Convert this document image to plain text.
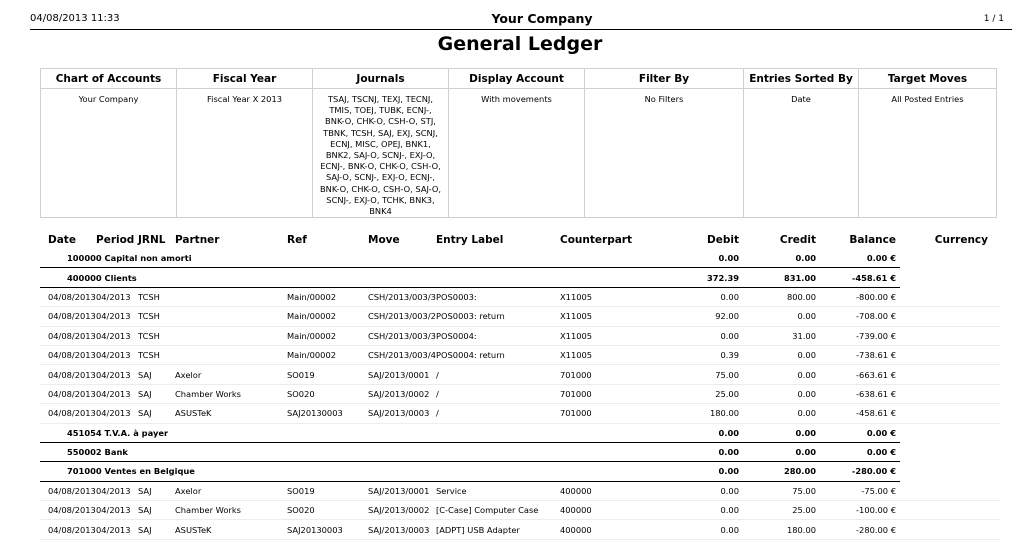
04/08/2013 11:33	Your Company	1 / 1
General Ledger
Chart of Accounts	Fiscal Year	Journals	Display Account	Filter By	Entries Sorted By	Target Moves
Your Company	Fiscal Year X 2013	TSAJ, TSCNJ, TEXJ, TECNJ, TMIS, TOEJ, TUBK, ECNJ-, BNK-O, CHK-O, CSH-O, STJ, TBNK, TCSH, SAJ, EXJ, SCNJ, ECNJ, MISC, OPEJ, BNK1, BNK2, SAJ-O, SCNJ-, EXJ-O, ECNJ-, BNK-O, CHK-O, CSH-O, SAJ-O, SCNJ-, EXJ-O, ECNJ-, BNK-O, CHK-O, CSH-O, SAJ-O, SCNJ-, EXJ-O, TCHK, BNK3, BNK4	With movements	No Filters	Date	All Posted Entries
Date	Period	JRNL	Partner	Ref	Move	Entry Label	Counterpart	Debit	Credit	Balance	Currency
100000 Capital non amorti								0.00	0.00	0.00 €	
400000 Clients								372.39	831.00	-458.61 €	
04/08/2013	04/2013	TCSH		Main/00002	CSH/2013/003/3	POS0003:	X11005	0.00	800.00	-800.00 €	
04/08/2013	04/2013	TCSH		Main/00002	CSH/2013/003/2	POS0003: return	X11005	92.00	0.00	-708.00 €	
04/08/2013	04/2013	TCSH		Main/00002	CSH/2013/003/3	POS0004:	X11005	0.00	31.00	-739.00 €	
04/08/2013	04/2013	TCSH		Main/00002	CSH/2013/003/4	POS0004: return	X11005	0.39	0.00	-738.61 €	
04/08/2013	04/2013	SAJ	Axelor	SO019	SAJ/2013/0001	/	701000	75.00	0.00	-663.61 €	
04/08/2013	04/2013	SAJ	Chamber Works	SO020	SAJ/2013/0002	/	701000	25.00	0.00	-638.61 €	
04/08/2013	04/2013	SAJ	ASUSTeK	SAJ20130003	SAJ/2013/0003	/	701000	180.00	0.00	-458.61 €	
451054 T.V.A. à payer								0.00	0.00	0.00 €	
550002 Bank								0.00	0.00	0.00 €	
701000 Ventes en Belgique								0.00	280.00	-280.00 €	
04/08/2013	04/2013	SAJ	Axelor	SO019	SAJ/2013/0001	Service	400000	0.00	75.00	-75.00 €	
04/08/2013	04/2013	SAJ	Chamber Works	SO020	SAJ/2013/0002	[C-Case] Computer Case	400000	0.00	25.00	-100.00 €	
04/08/2013	04/2013	SAJ	ASUSTeK	SAJ20130003	SAJ/2013/0003	[ADPT] USB Adapter	400000	0.00	180.00	-280.00 €	
